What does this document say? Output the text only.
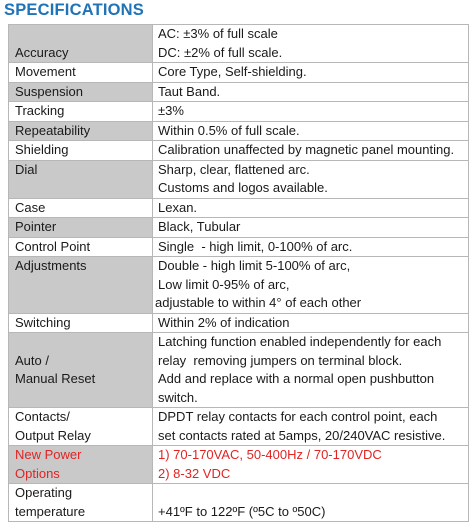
SPECIFICATIONS

Accuracy	AC: ±3% of full scale
DC: ±2% of full scale.

Movement	Core Type, Self-shielding.

Suspension	Taut Band.

Tracking	±3%

Repeatability	Within 0.5% of full scale.

Shielding	Calibration unaffected by magnetic panel mounting.

Dial	Sharp, clear, flattened arc.
Customs and logos available.

Case	Lexan.

Pointer	Black, Tubular

Control Point	Single  - high limit, 0-100% of arc.

Adjustments	Double - high limit 5-100% of arc,
Low limit 0-95% of arc,
adjustable to within 4° of each other

Switching	Within 2% of indication

Auto /
Manual Reset	Latching function enabled independently for each
relay  removing jumpers on terminal block.
Add and replace with a normal open pushbutton
switch.

Contacts/
Output Relay	DPDT relay contacts for each control point, each
set contacts rated at 5amps, 20/240VAC resistive.

New Power
Options	1) 70-170VAC, 50-400Hz / 70-170VDC
2) 8-32 VDC

Operating
temperature	+41ºF to 122ºF (º5C to º50C)
